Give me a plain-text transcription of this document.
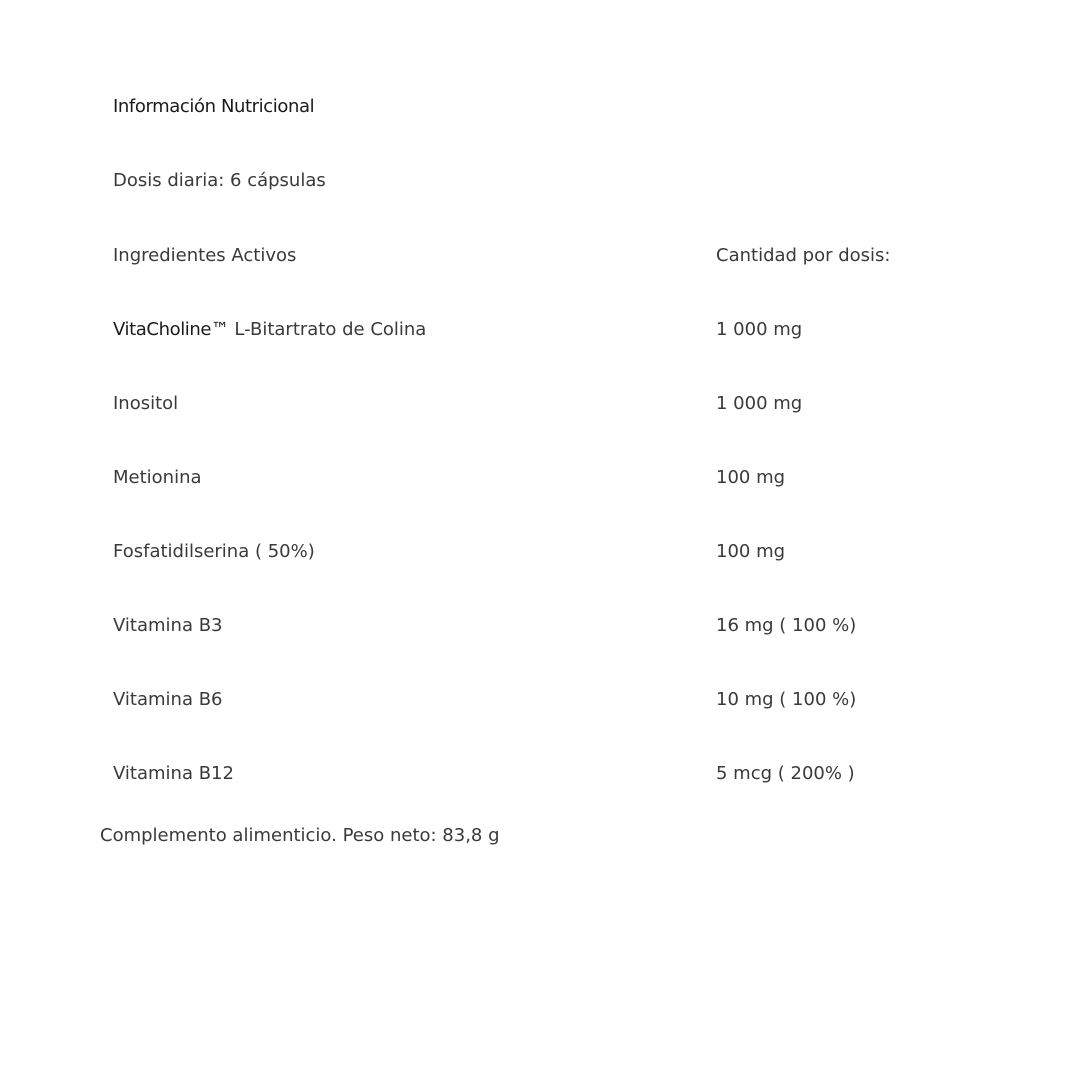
Información Nutricional
Dosis diaria: 6 cápsulas
Ingredientes Activos	Cantidad por dosis:
VitaCholine™ L-Bitartrato de Colina	1 000 mg
Inositol	1 000 mg
Metionina	100 mg
Fosfatidilserina ( 50%)	100 mg
Vitamina B3	16 mg ( 100 %)
Vitamina B6	10 mg ( 100 %)
Vitamina B12	5 mcg ( 200% )
Complemento alimenticio. Peso neto: 83,8 g
